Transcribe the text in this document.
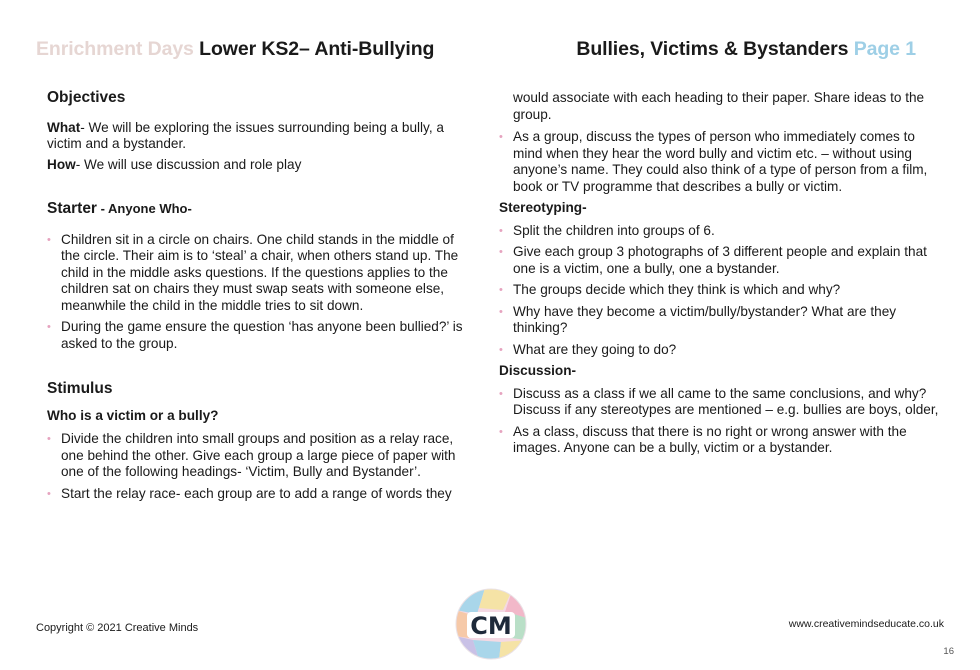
Enrichment Days Lower KS2– Anti-Bullying	Bullies, Victims & Bystanders Page 1

Objectives

What- We will be exploring the issues surrounding being a bully, a victim and a bystander.

How- We will use discussion and role play

Starter - Anyone Who-

• Children sit in a circle on chairs. One child stands in the middle of the circle. Their aim is to ‘steal’ a chair, when others stand up. The child in the middle asks questions. If the questions applies to the children sat on chairs they must swap seats with someone else, meanwhile the child in the middle tries to sit down.
• During the game ensure the question ‘has anyone been bullied?’ is asked to the group.

Stimulus

Who is a victim or a bully?

• Divide the children into small groups and position as a relay race, one behind the other. Give each group a large piece of paper with one of the following headings- ‘Victim, Bully and Bystander’.
• Start the relay race- each group are to add a range of words they

would associate with each heading to their paper. Share ideas to the group.

• As a group, discuss the types of person who immediately comes to mind when they hear the word bully and victim etc. – without using anyone’s name. They could also think of a type of person from a film, book or TV programme that describes a bully or victim.

Stereotyping-

• Split the children into groups of 6.
• Give each group 3 photographs of 3 different people and explain that one is a victim, one a bully, one a bystander.
• The groups decide which they think is which and why?
• Why have they become a victim/bully/bystander? What are they thinking?
• What are they going to do?

Discussion-

• Discuss as a class if we all came to the same conclusions, and why? Discuss if any stereotypes are mentioned – e.g. bullies are boys, older,
• As a class, discuss that there is no right or wrong answer with the images. Anyone can be a bully, victim or a bystander.
Copyright © 2021 Creative Minds	CM	www.creativemindseducate.co.uk
16
